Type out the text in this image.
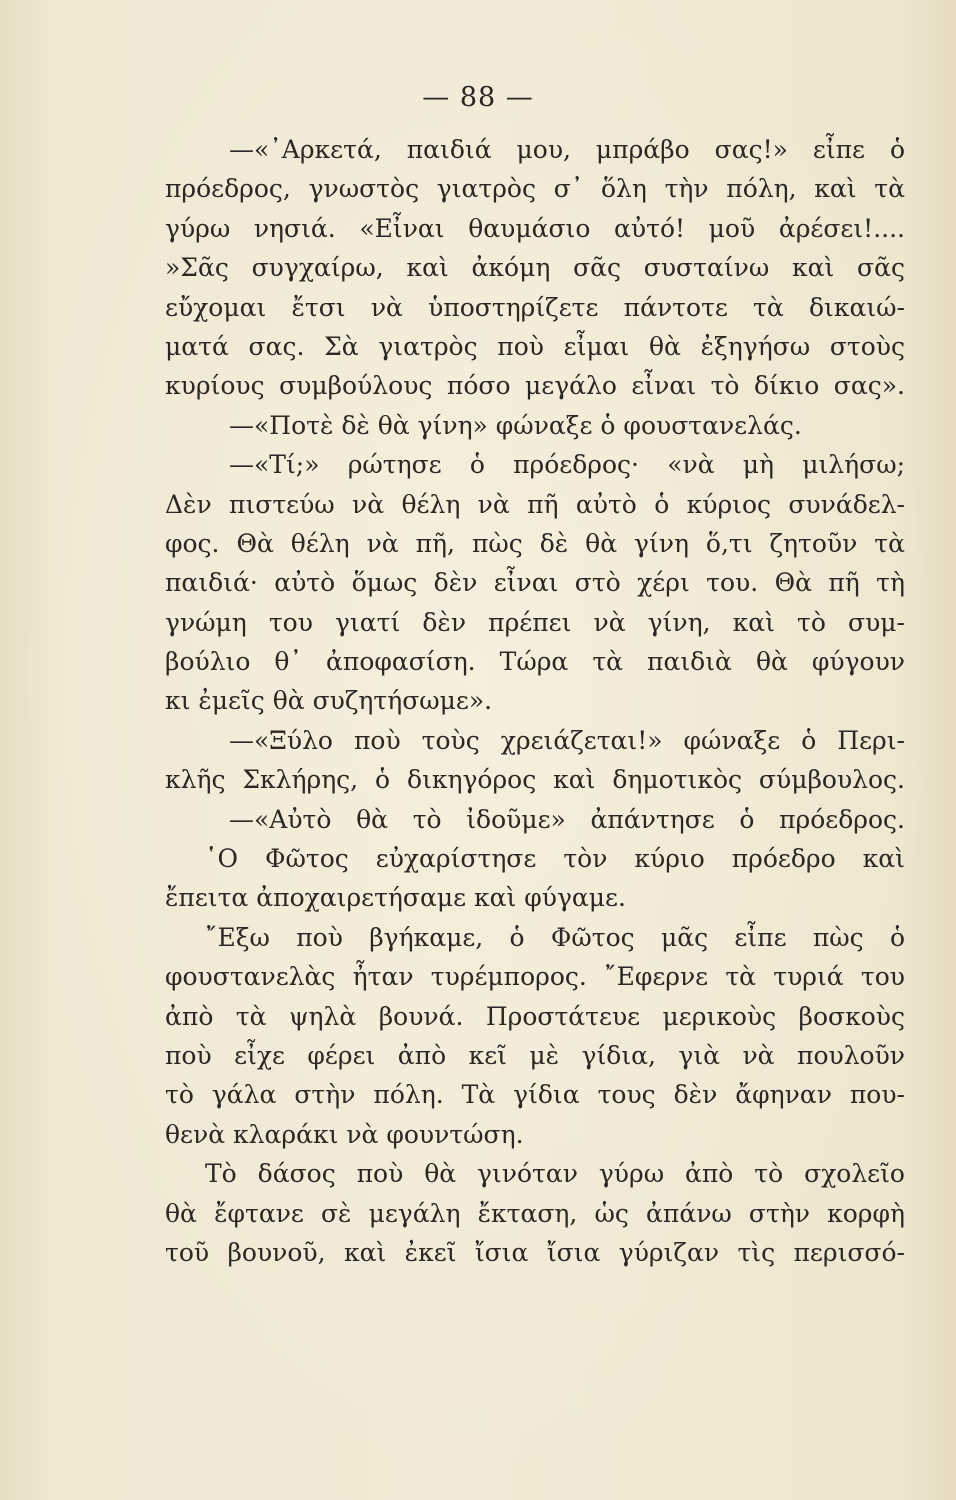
— 88 —
—«᾿Αρκετά, παιδιά μου, μπράβο σας!» εἶπε ὁ
πρόεδρος, γνωστὸς γιατρὸς σ᾿ ὅλη τὴν πόλη, καὶ τὰ
γύρω νησιά. «Εἶναι θαυμάσιο αὐτό! μοῦ ἀρέσει!....
»Σᾶς συγχαίρω, καὶ ἀκόμη σᾶς συσταίνω καὶ σᾶς
εὔχομαι ἔτσι νὰ ὑποστηρίζετε πάντοτε τὰ δικαιώ-
ματά σας. Σὰ γιατρὸς ποὺ εἶμαι θὰ ἐξηγήσω στοὺς
κυρίους συμβούλους πόσο μεγάλο εἶναι τὸ δίκιο σας».
—«Ποτὲ δὲ θὰ γίνη» φώναξε ὁ φουστανελάς.
—«Τί;» ρώτησε ὁ πρόεδρος· «νὰ μὴ μιλήσω;
Δὲν πιστεύω νὰ θέλη νὰ πῆ αὐτὸ ὁ κύριος συνάδελ-
φος. Θὰ θέλη νὰ πῆ, πὼς δὲ θὰ γίνη ὅ,τι ζητοῦν τὰ
παιδιά· αὐτὸ ὅμως δὲν εἶναι στὸ χέρι του. Θὰ πῆ τὴ
γνώμη του γιατί δὲν πρέπει νὰ γίνη, καὶ τὸ συμ-
βούλιο θ᾿ ἀποφασίση. Τώρα τὰ παιδιὰ θὰ φύγουν
κι ἐμεῖς θὰ συζητήσωμε».
—«Ξύλο ποὺ τοὺς χρειάζεται!» φώναξε ὁ Περι-
κλῆς Σκλήρης, ὁ δικηγόρος καὶ δημοτικὸς σύμβουλος.
—«Αὐτὸ θὰ τὸ ἰδοῦμε» ἀπάντησε ὁ πρόεδρος.
῾Ο Φῶτος εὐχαρίστησε τὸν κύριο πρόεδρο καὶ
ἔπειτα ἀποχαιρετήσαμε καὶ φύγαμε.
῎Εξω ποὺ βγήκαμε, ὁ Φῶτος μᾶς εἶπε πὼς ὁ
φουστανελὰς ἦταν τυρέμπορος. ῎Εφερνε τὰ τυριά του
ἀπὸ τὰ ψηλὰ βουνά. Προστάτευε μερικοὺς βοσκοὺς
ποὺ εἶχε φέρει ἀπὸ κεῖ μὲ γίδια, γιὰ νὰ πουλοῦν
τὸ γάλα στὴν πόλη. Τὰ γίδια τους δὲν ἄφηναν που-
θενὰ κλαράκι νὰ φουντώση.
Τὸ δάσος ποὺ θὰ γινόταν γύρω ἀπὸ τὸ σχολεῖο
θὰ ἔφτανε σὲ μεγάλη ἔκταση, ὡς ἀπάνω στὴν κορφὴ
τοῦ βουνοῦ, καὶ ἐκεῖ ἴσια ἴσια γύριζαν τὶς περισσό-
